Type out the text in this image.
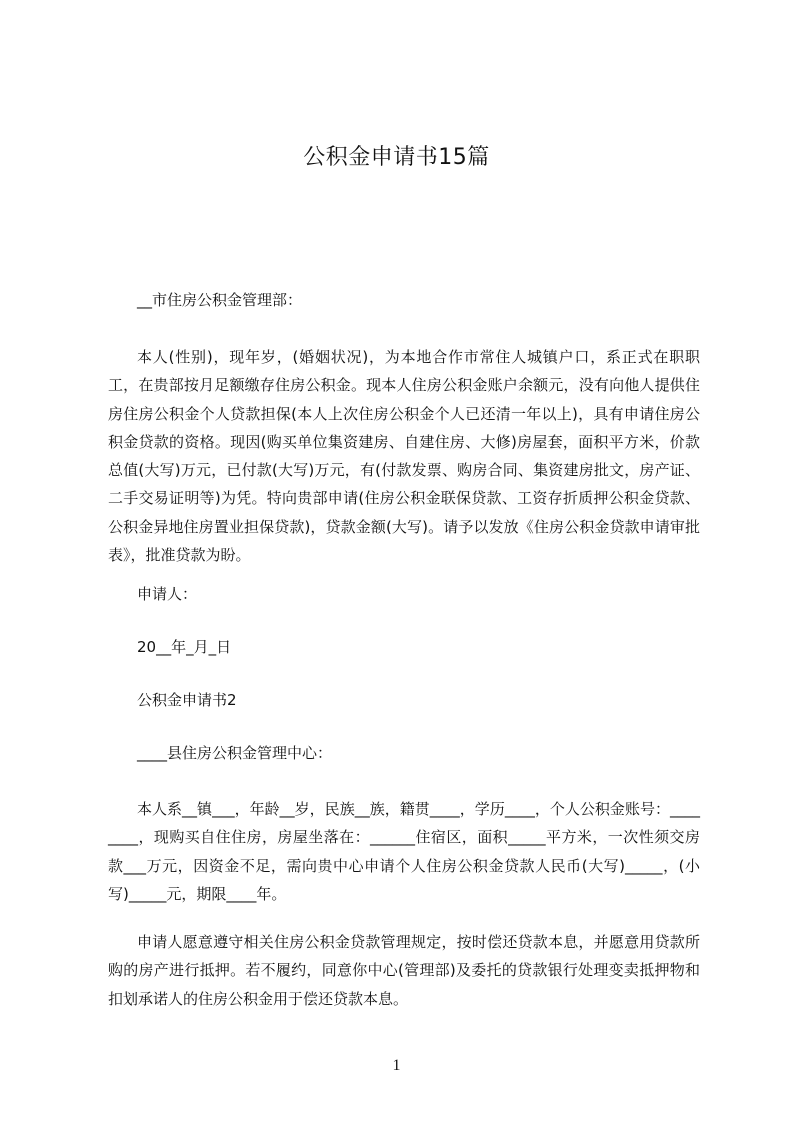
公积金申请书15篇
__市住房公积金管理部：
本人(性别)，现年岁，(婚姻状况)，为本地合作市常住人城镇户口，系正式在职职工，在贵部按月足额缴存住房公积金。现本人住房公积金账户余额元，没有向他人提供住房住房公积金个人贷款担保(本人上次住房公积金个人已还清一年以上)，具有申请住房公积金贷款的资格。现因(购买单位集资建房、自建住房、大修)房屋套，面积平方米，价款总值(大写)万元，已付款(大写)万元，有(付款发票、购房合同、集资建房批文，房产证、二手交易证明等)为凭。特向贵部申请(住房公积金联保贷款、工资存折质押公积金贷款、公积金异地住房置业担保贷款)，贷款金额(大写)。请予以发放《住房公积金贷款申请审批表》，批准贷款为盼。
申请人：
20__年_月_日
公积金申请书2
____县住房公积金管理中心：
本人系__镇___，年龄__岁，民族__族，籍贯____，学历____，个人公积金账号：________，现购买自住住房，房屋坐落在：______住宿区，面积_____平方米，一次性须交房款___万元，因资金不足，需向贵中心申请个人住房公积金贷款人民币(大写)_____，(小写)_____元，期限____年。
申请人愿意遵守相关住房公积金贷款管理规定，按时偿还贷款本息，并愿意用贷款所购的房产进行抵押。若不履约，同意你中心(管理部)及委托的贷款银行处理变卖抵押物和扣划承诺人的住房公积金用于偿还贷款本息。
1
